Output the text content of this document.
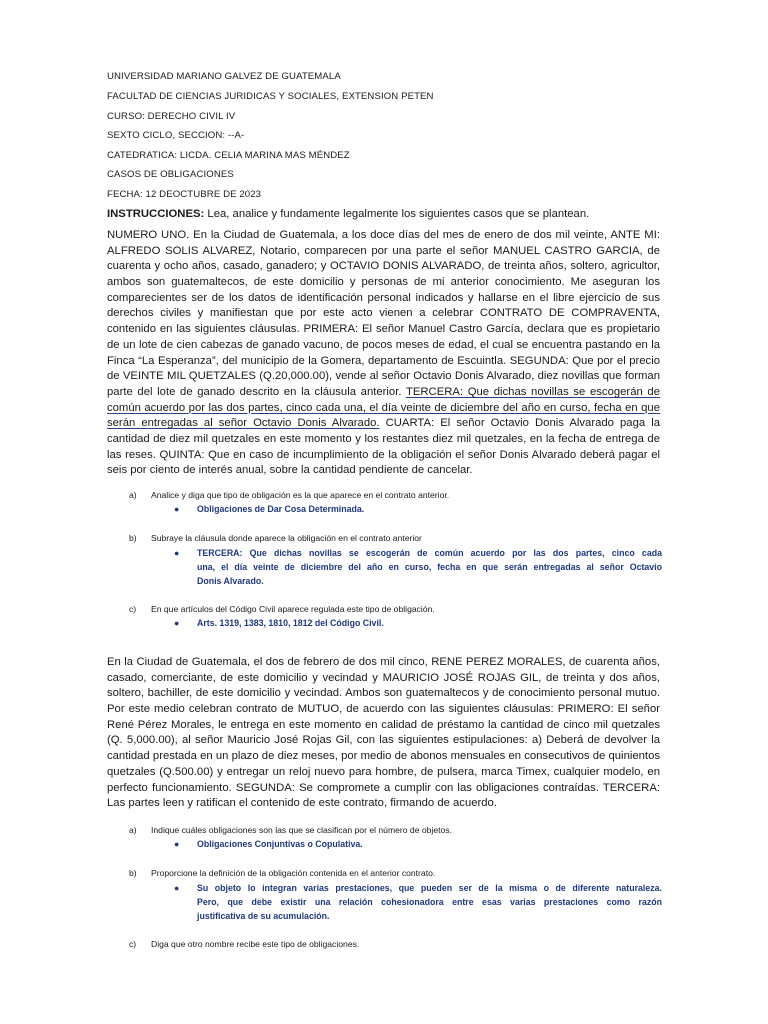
UNIVERSIDAD MARIANO GALVEZ DE GUATEMALA
FACULTAD DE CIENCIAS JURIDICAS Y SOCIALES, EXTENSION PETEN
CURSO: DERECHO CIVIL IV
SEXTO CICLO, SECCION: --A-
CATEDRATICA: LICDA. CELIA MARINA MAS MÉNDEZ
CASOS DE OBLIGACIONES
FECHA: 12 DEOCTUBRE DE 2023
INSTRUCCIONES: Lea, analice y fundamente legalmente los siguientes casos que se plantean.
NUMERO UNO. En la Ciudad de Guatemala, a los doce días del mes de enero de dos mil veinte, ANTE MI:
ALFREDO SOLIS ALVAREZ, Notario, comparecen por una parte el señor MANUEL CASTRO GARCIA, de
cuarenta y ocho años, casado, ganadero; y OCTAVIO DONIS ALVARADO, de treinta años, soltero, agricultor,
ambos son guatemaltecos, de este domicilio y personas de mi anterior conocimiento. Me aseguran los
comparecientes ser de los datos de identificación personal indicados y hallarse en el libre ejercicio de sus
derechos civiles y manifiestan que por este acto vienen a celebrar CONTRATO DE COMPRAVENTA,
contenido en las siguientes cláusulas. PRIMERA: El señor Manuel Castro García, declara que es propietario
de un lote de cien cabezas de ganado vacuno, de pocos meses de edad, el cual se encuentra pastando en la
Finca “La Esperanza”, del municipio de la Gomera, departamento de Escuintla. SEGUNDA: Que por el precio
de VEINTE MIL QUETZALES (Q.20,000.00), vende al señor Octavio Donis Alvarado, diez novillas que forman
parte del lote de ganado descrito en la cláusula anterior. TERCERA: Que dichas novillas se escogerán de
común acuerdo por las dos partes, cinco cada una, el día veinte de diciembre del año en curso, fecha en que
serán entregadas al señor Octavio Donis Alvarado. CUARTA: El señor Octavio Donis Alvarado paga la
cantidad de diez mil quetzales en este momento y los restantes diez mil quetzales, en la fecha de entrega de
las reses. QUINTA: Que en caso de incumplimiento de la obligación el señor Donis Alvarado deberá pagar el
seis por ciento de interés anual, sobre la cantidad pendiente de cancelar.
a) Analice y diga que tipo de obligación es la que aparece en el contrato anterior.
● Obligaciones de Dar Cosa Determinada.
b) Subraye la cláusula donde aparece la obligación en el contrato anterior
● TERCERA: Que dichas novillas se escogerán de común acuerdo por las dos partes, cinco cada
una, el día veinte de diciembre del año en curso, fecha en que serán entregadas al señor Octavio
Donis Alvarado.
c) En que artículos del Código Civil aparece regulada este tipo de obligación.
● Arts. 1319, 1383, 1810, 1812 del Código Civil.
En la Ciudad de Guatemala, el dos de febrero de dos mil cinco, RENE PEREZ MORALES, de cuarenta años,
casado, comerciante, de este domicilio y vecindad y MAURICIO JOSÉ ROJAS GIL, de treinta y dos años,
soltero, bachiller, de este domicilio y vecindad. Ambos son guatemaltecos y de conocimiento personal mutuo.
Por este medio celebran contrato de MUTUO, de acuerdo con las siguientes cláusulas: PRIMERO: El señor
René Pérez Morales, le entrega en este momento en calidad de préstamo la cantidad de cinco mil quetzales
(Q. 5,000.00), al señor Mauricio José Rojas Gil, con las siguientes estipulaciones: a) Deberá de devolver la
cantidad prestada en un plazo de diez meses, por medio de abonos mensuales en consecutivos de quinientos
quetzales (Q.500.00) y entregar un reloj nuevo para hombre, de pulsera, marca Timex, cualquier modelo, en
perfecto funcionamiento. SEGUNDA: Se compromete a cumplir con las obligaciones contraídas. TERCERA:
Las partes leen y ratifican el contenido de este contrato, firmando de acuerdo.
a) Indique cuáles obligaciones son las que se clasifican por el número de objetos.
● Obligaciones Conjuntivas o Copulativa.
b) Proporcione la definición de la obligación contenida en el anterior contrato.
● Su objeto lo integran varias prestaciones, que pueden ser de la misma o de diferente naturaleza.
Pero, que debe existir una relación cohesionadora entre esas varias prestaciones como razón
justificativa de su acumulación.
c) Diga que otro nombre recibe este tipo de obligaciones.
